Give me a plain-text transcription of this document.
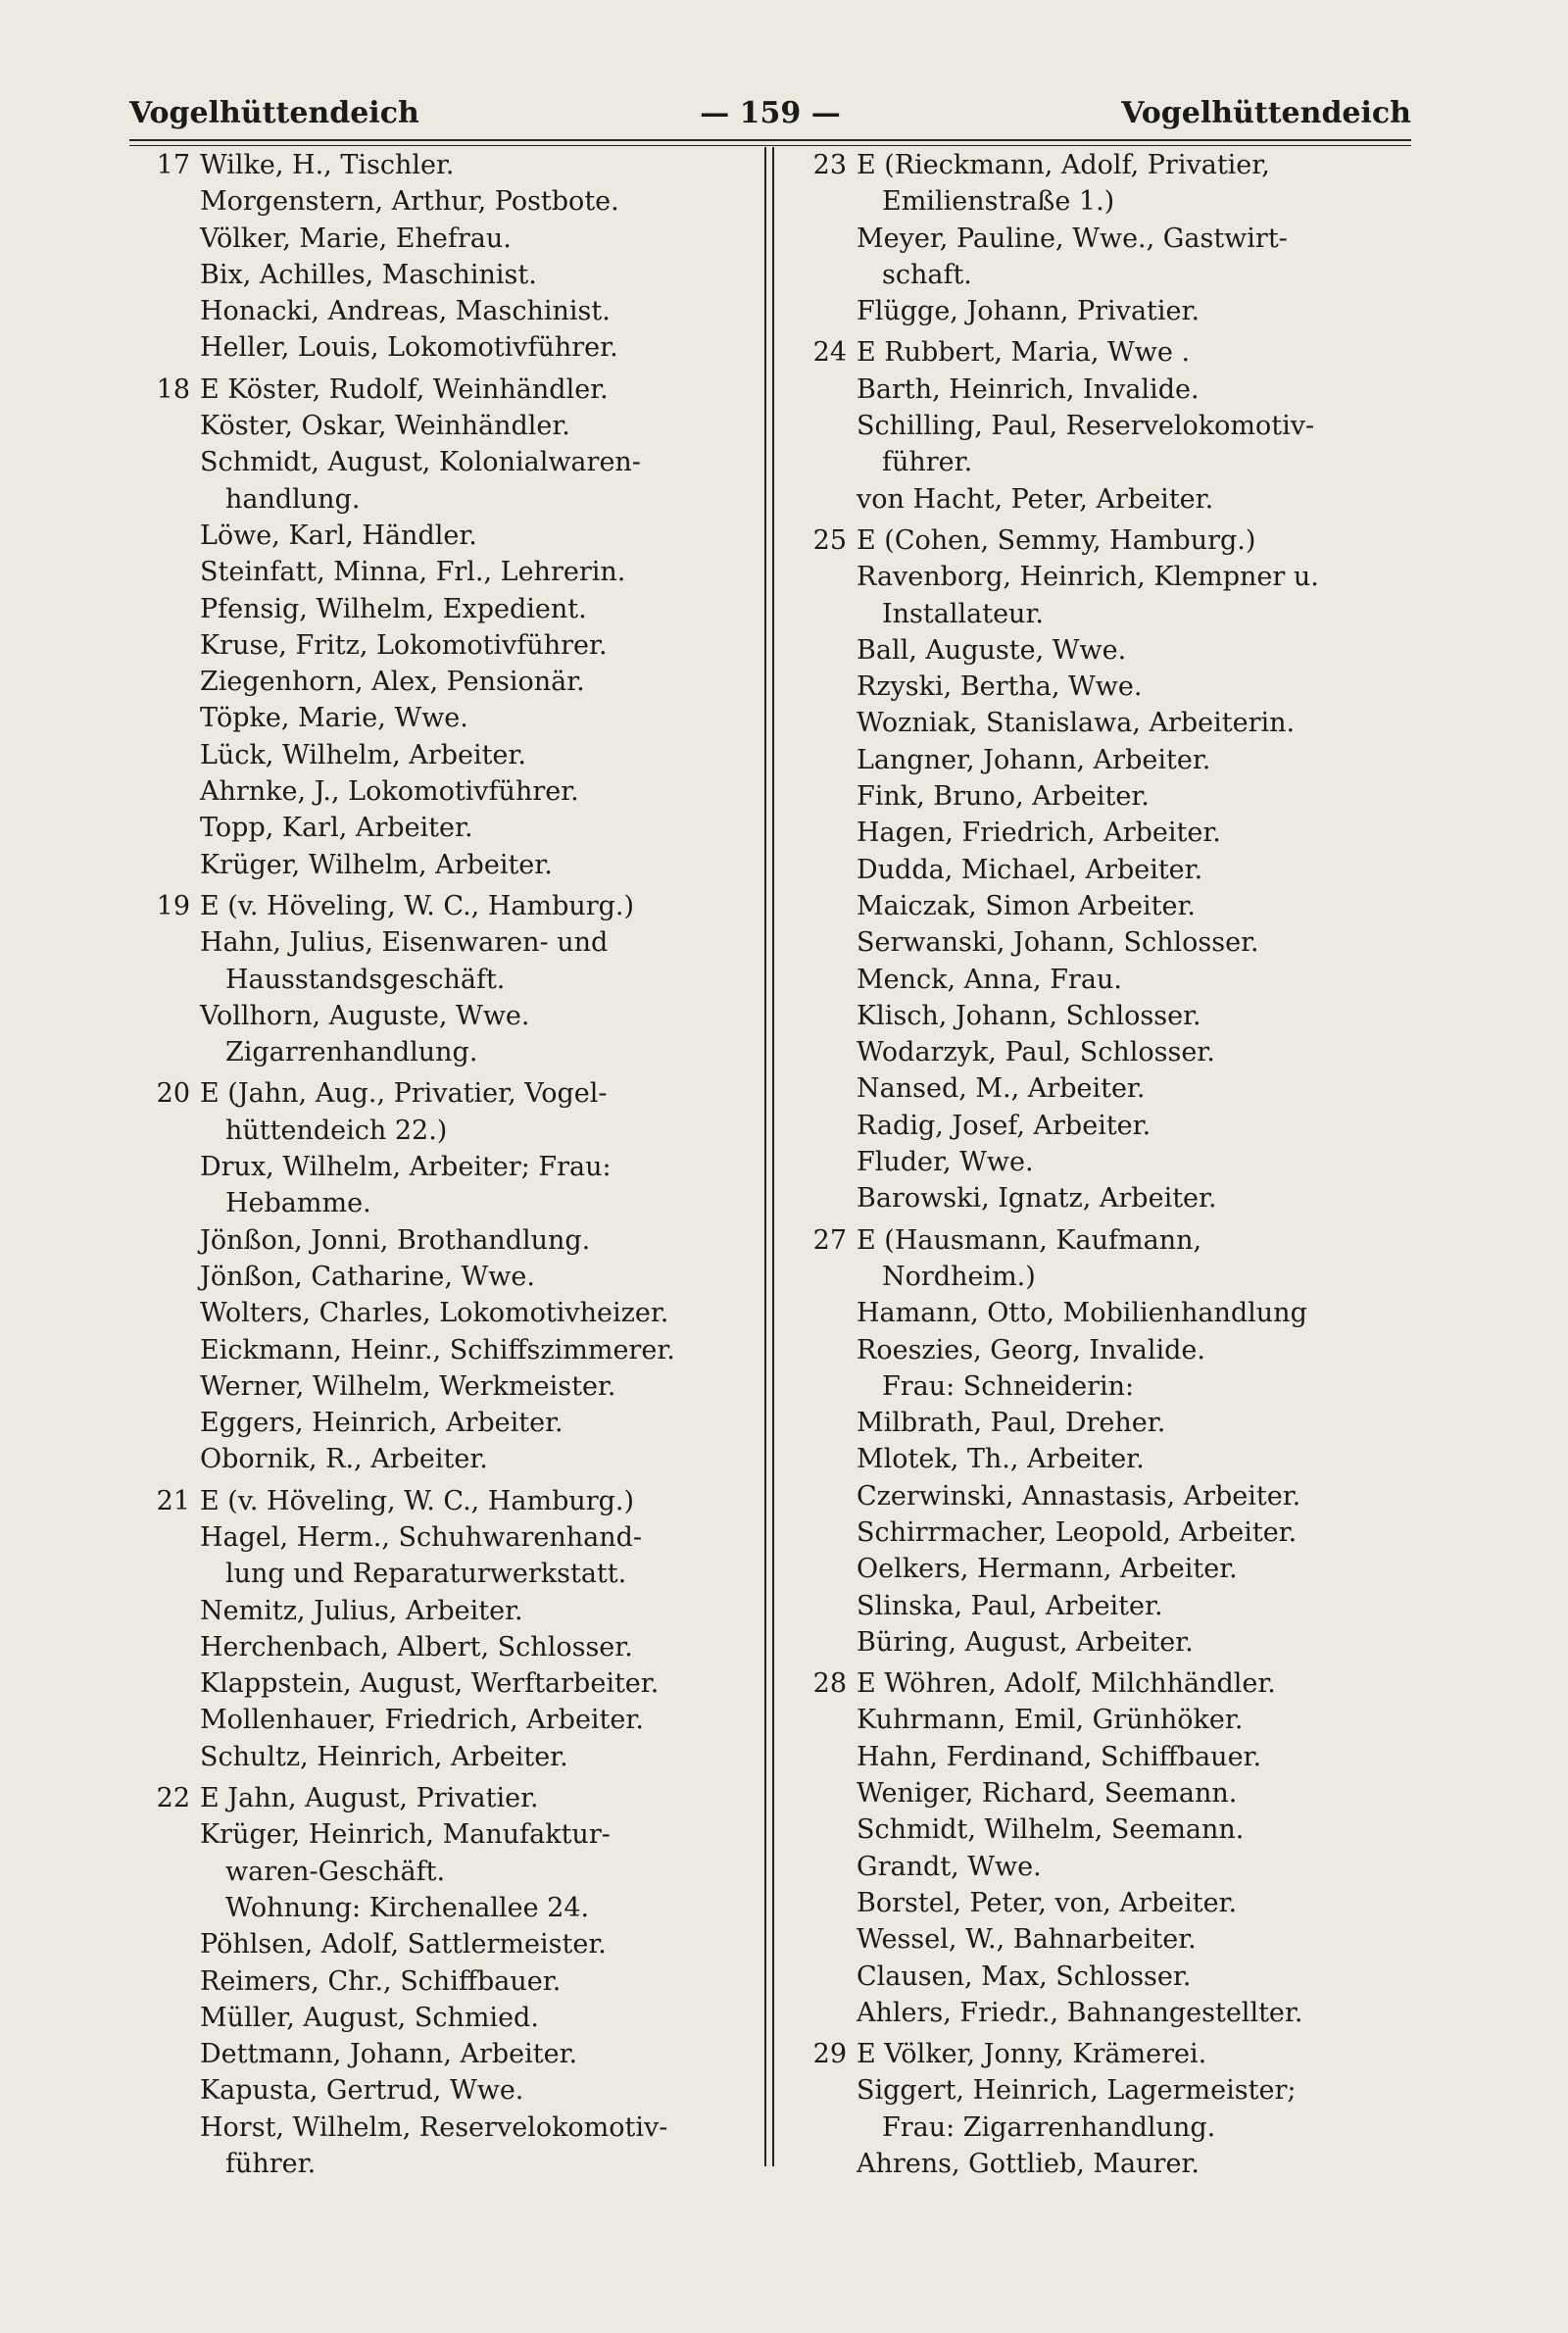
Vogelhüttendeich	— 159 —	Vogelhüttendeich
17 Wilke, H., Tischler.
Morgenstern, Arthur, Postbote.
Völker, Marie, Ehefrau.
Bix, Achilles, Maschinist.
Honacki, Andreas, Maschinist.
Heller, Louis, Lokomotivführer.
18 E Köster, Rudolf, Weinhändler.
Köster, Oskar, Weinhändler.
Schmidt, August, Kolonialwaren-
handlung.
Löwe, Karl, Händler.
Steinfatt, Minna, Frl., Lehrerin.
Pfensig, Wilhelm, Expedient.
Kruse, Fritz, Lokomotivführer.
Ziegenhorn, Alex, Pensionär.
Töpke, Marie, Wwe.
Lück, Wilhelm, Arbeiter.
Ahrnke, J., Lokomotivführer.
Topp, Karl, Arbeiter.
Krüger, Wilhelm, Arbeiter.
19 E (v. Höveling, W. C., Hamburg.)
Hahn, Julius, Eisenwaren- und
Hausstandsgeschäft.
Vollhorn, Auguste, Wwe.
Zigarrenhandlung.
20 E (Jahn, Aug., Privatier, Vogel-
hüttendeich 22.)
Drux, Wilhelm, Arbeiter; Frau:
Hebamme.
Jönßon, Jonni, Brothandlung.
Jönßon, Catharine, Wwe.
Wolters, Charles, Lokomotivheizer.
Eickmann, Heinr., Schiffszimmerer.
Werner, Wilhelm, Werkmeister.
Eggers, Heinrich, Arbeiter.
Obornik, R., Arbeiter.
21 E (v. Höveling, W. C., Hamburg.)
Hagel, Herm., Schuhwarenhand-
lung und Reparaturwerkstatt.
Nemitz, Julius, Arbeiter.
Herchenbach, Albert, Schlosser.
Klappstein, August, Werftarbeiter.
Mollenhauer, Friedrich, Arbeiter.
Schultz, Heinrich, Arbeiter.
22 E Jahn, August, Privatier.
Krüger, Heinrich, Manufaktur-
waren-Geschäft.
Wohnung: Kirchenallee 24.
Pöhlsen, Adolf, Sattlermeister.
Reimers, Chr., Schiffbauer.
Müller, August, Schmied.
Dettmann, Johann, Arbeiter.
Kapusta, Gertrud, Wwe.
Horst, Wilhelm, Reservelokomotiv-
führer.
23 E (Rieckmann, Adolf, Privatier,
Emilienstraße 1.)
Meyer, Pauline, Wwe., Gastwirt-
schaft.
Flügge, Johann, Privatier.
24 E Rubbert, Maria, Wwe .
Barth, Heinrich, Invalide.
Schilling, Paul, Reservelokomotiv-
führer.
von Hacht, Peter, Arbeiter.
25 E (Cohen, Semmy, Hamburg.)
Ravenborg, Heinrich, Klempner u.
Installateur.
Ball, Auguste, Wwe.
Rzyski, Bertha, Wwe.
Wozniak, Stanislawa, Arbeiterin.
Langner, Johann, Arbeiter.
Fink, Bruno, Arbeiter.
Hagen, Friedrich, Arbeiter.
Dudda, Michael, Arbeiter.
Maiczak, Simon Arbeiter.
Serwanski, Johann, Schlosser.
Menck, Anna, Frau.
Klisch, Johann, Schlosser.
Wodarzyk, Paul, Schlosser.
Nansed, M., Arbeiter.
Radig, Josef, Arbeiter.
Fluder, Wwe.
Barowski, Ignatz, Arbeiter.
27 E (Hausmann, Kaufmann,
Nordheim.)
Hamann, Otto, Mobilienhandlung
Roeszies, Georg, Invalide.
Frau: Schneiderin:
Milbrath, Paul, Dreher.
Mlotek, Th., Arbeiter.
Czerwinski, Annastasis, Arbeiter.
Schirrmacher, Leopold, Arbeiter.
Oelkers, Hermann, Arbeiter.
Slinska, Paul, Arbeiter.
Büring, August, Arbeiter.
28 E Wöhren, Adolf, Milchhändler.
Kuhrmann, Emil, Grünhöker.
Hahn, Ferdinand, Schiffbauer.
Weniger, Richard, Seemann.
Schmidt, Wilhelm, Seemann.
Grandt, Wwe.
Borstel, Peter, von, Arbeiter.
Wessel, W., Bahnarbeiter.
Clausen, Max, Schlosser.
Ahlers, Friedr., Bahnangestellter.
29 E Völker, Jonny, Krämerei.
Siggert, Heinrich, Lagermeister;
Frau: Zigarrenhandlung.
Ahrens, Gottlieb, Maurer.
